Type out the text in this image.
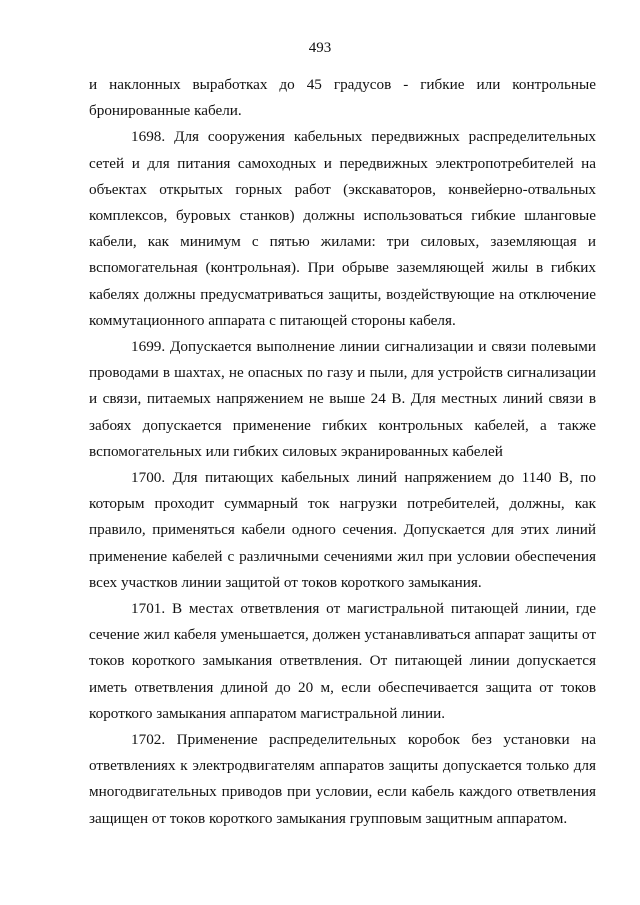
493

и наклонных выработках до 45 градусов - гибкие или контрольные бронированные кабели.

1698. Для сооружения кабельных передвижных распределительных сетей и для питания самоходных и передвижных электропотребителей на объектах открытых горных работ (экскаваторов, конвейерно-отвальных комплексов, буровых станков) должны использоваться гибкие шланговые кабели, как минимум с пятью жилами: три силовых, заземляющая и вспомогательная (контрольная). При обрыве заземляющей жилы в гибких кабелях должны предусматриваться защиты, воздействующие на отключение коммутационного аппарата с питающей стороны кабеля.

1699. Допускается выполнение линии сигнализации и связи полевыми проводами в шахтах, не опасных по газу и пыли, для устройств сигнализации и связи, питаемых напряжением не выше 24 В. Для местных линий связи в забоях допускается применение гибких контрольных кабелей, а также вспомогательных или гибких силовых экранированных кабелей

1700. Для питающих кабельных линий напряжением до 1140 В, по которым проходит суммарный ток нагрузки потребителей, должны, как правило, применяться кабели одного сечения. Допускается для этих линий применение кабелей с различными сечениями жил при условии обеспечения всех участков линии защитой от токов короткого замыкания.

1701. В местах ответвления от магистральной питающей линии, где сечение жил кабеля уменьшается, должен устанавливаться аппарат защиты от токов короткого замыкания ответвления. От питающей линии допускается иметь ответвления длиной до 20 м, если обеспечивается защита от токов короткого замыкания аппаратом магистральной линии.

1702. Применение распределительных коробок без установки на ответвлениях к электродвигателям аппаратов защиты допускается только для многодвигательных приводов при условии, если кабель каждого ответвления защищен от токов короткого замыкания групповым защитным аппаратом.
